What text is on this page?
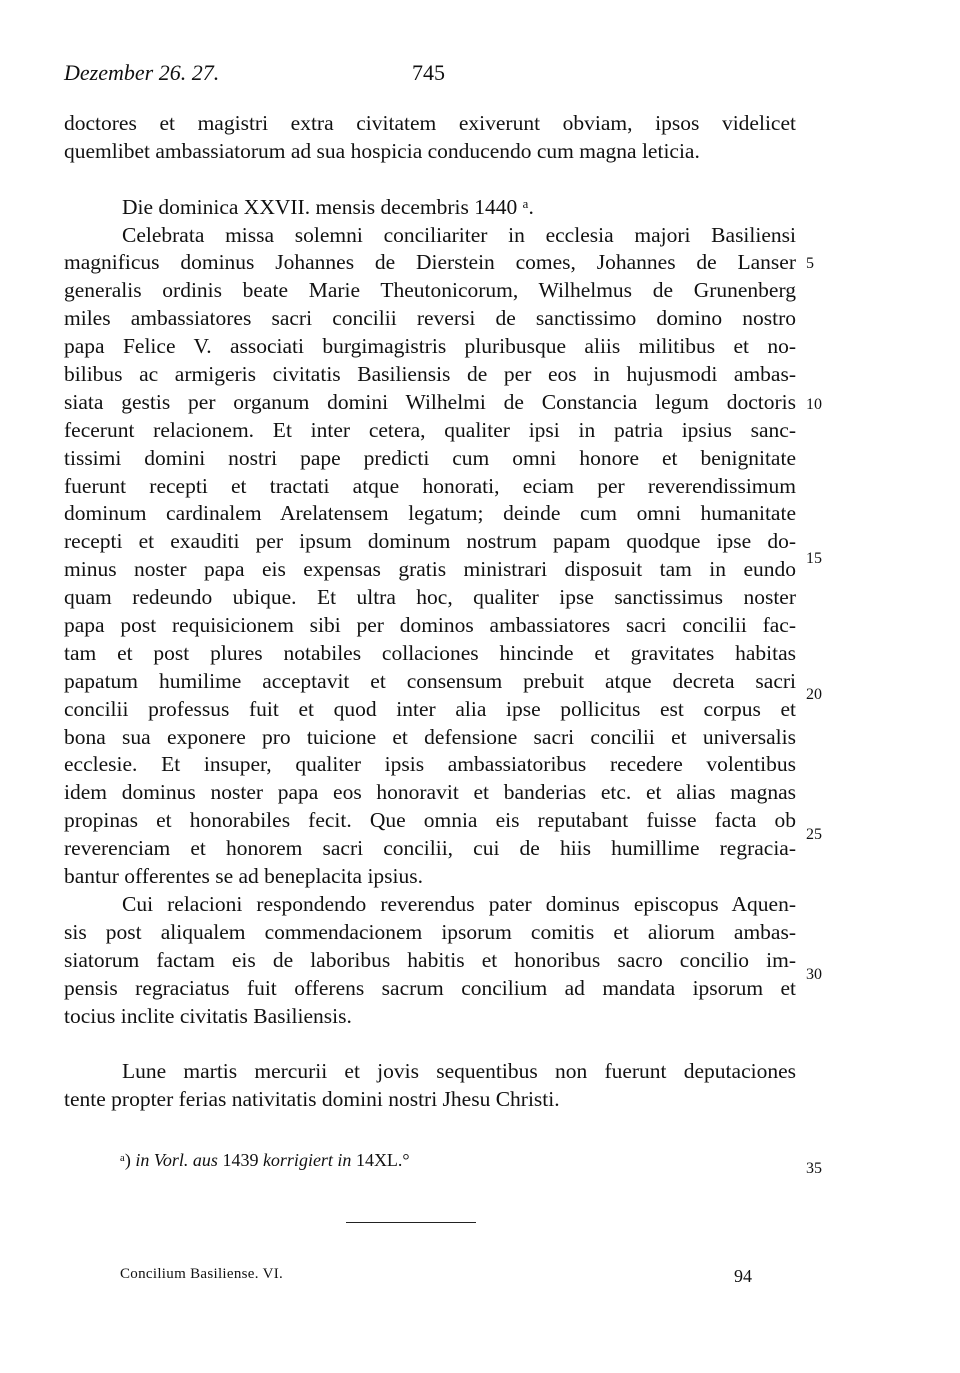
Dezember 26. 27.	745
doctores et magistri extra civitatem exiverunt obviam, ipsos videlicet
quemlibet ambassiatorum ad sua hospicia conducendo cum magna leticia.
Die dominica XXVII. mensis decembris 1440 ᵃ.
Celebrata missa solemni conciliariter in ecclesia majori Basiliensi
magnificus dominus Johannes de Dierstein comes, Johannes de Lanser
generalis ordinis beate Marie Theutonicorum, Wilhelmus de Grunenberg
miles ambassiatores sacri concilii reversi de sanctissimo domino nostro
papa Felice V. associati burgimagistris pluribusque aliis militibus et no-
bilibus ac armigeris civitatis Basiliensis de per eos in hujusmodi ambas-
siata gestis per organum domini Wilhelmi de Constancia legum doctoris
fecerunt relacionem. Et inter cetera, qualiter ipsi in patria ipsius sanc-
tissimi domini nostri pape predicti cum omni honore et benignitate
fuerunt recepti et tractati atque honorati, eciam per reverendissimum
dominum cardinalem Arelatensem legatum; deinde cum omni humanitate
recepti et exauditi per ipsum dominum nostrum papam quodque ipse do-
minus noster papa eis expensas gratis ministrari disposuit tam in eundo
quam redeundo ubique. Et ultra hoc, qualiter ipse sanctissimus noster
papa post requisicionem sibi per dominos ambassiatores sacri concilii fac-
tam et post plures notabiles collaciones hincinde et gravitates habitas
papatum humilime acceptavit et consensum prebuit atque decreta sacri
concilii professus fuit et quod inter alia ipse pollicitus est corpus et
bona sua exponere pro tuicione et defensione sacri concilii et universalis
ecclesie. Et insuper, qualiter ipsis ambassiatoribus recedere volentibus
idem dominus noster papa eos honoravit et banderias etc. et alias magnas
propinas et honorabiles fecit. Que omnia eis reputabant fuisse facta ob
reverenciam et honorem sacri concilii, cui de hiis humillime regracia-
bantur offerentes se ad beneplacita ipsius.
Cui relacioni respondendo reverendus pater dominus episcopus Aquen-
sis post aliqualem commendacionem ipsorum comitis et aliorum ambas-
siatorum factam eis de laboribus habitis et honoribus sacro concilio im-
pensis regraciatus fuit offerens sacrum concilium ad mandata ipsorum et
tocius inclite civitatis Basiliensis.
Lune martis mercurii et jovis sequentibus non fuerunt deputaciones
tente propter ferias nativitatis domini nostri Jhesu Christi.
5
10
15
20
25
30
35
ᵃ) in Vorl. aus 1439 korrigiert in 14XL.°
Concilium Basiliense. VI.	94
